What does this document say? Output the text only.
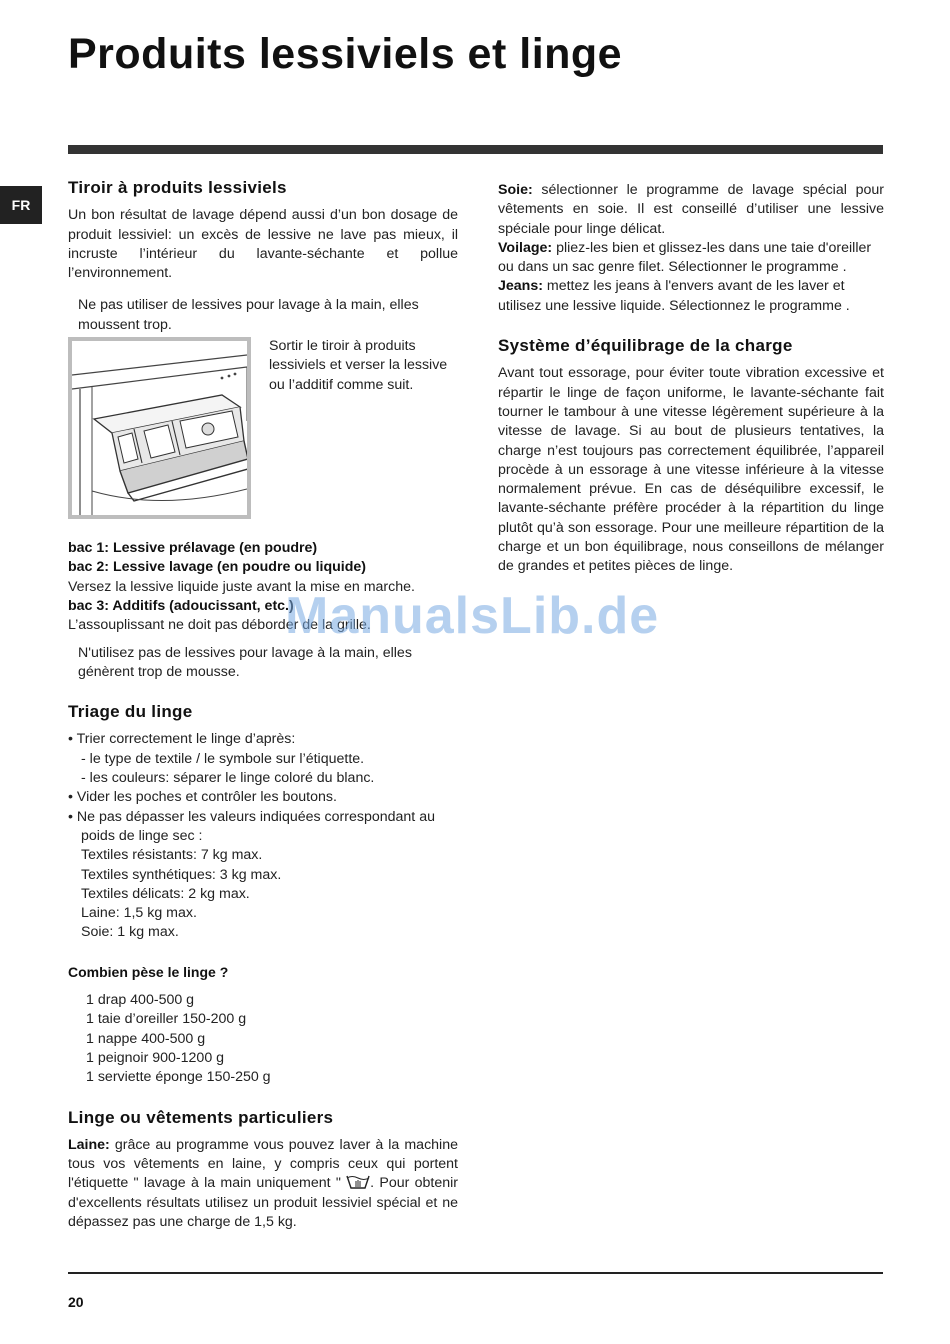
Produits lessiviels et linge
FR
Tiroir à produits lessiviels

Un bon résultat de lavage dépend aussi d’un bon dosage de produit lessiviel: un excès de lessive ne lave pas mieux, il incruste l’intérieur du lavante-séchante et pollue l’environnement.

Ne pas utiliser de lessives pour lavage à la main, elles moussent trop.

Sortir le tiroir à produits lessiviels et verser la lessive ou l’additif comme suit.

bac 1: Lessive prélavage (en poudre)

bac 2: Lessive lavage (en poudre ou liquide)

Versez la lessive liquide juste avant la mise en marche.

bac 3: Additifs (adoucissant, etc.)

L’assouplissant ne doit pas déborder de la grille.

N'utilisez pas de lessives pour lavage à la main, elles génèrent trop de mousse.

Triage du linge

• Trier correctement le linge d’après:

- le type de textile / le symbole sur l’étiquette.

- les couleurs: séparer le linge coloré du blanc.

• Vider les poches et contrôler les boutons.

• Ne pas dépasser les valeurs indiquées correspondant au poids de linge sec :

Textiles résistants: 7 kg max.

Textiles synthétiques: 3 kg max.

Textiles délicats: 2 kg max.

Laine: 1,5 kg max.

Soie: 1 kg max.

Combien pèse le linge ?

1 drap 400-500 g

1 taie d’oreiller 150-200 g

1 nappe 400-500 g

1 peignoir 900-1200 g

1 serviette éponge 150-250 g

Linge ou vêtements particuliers

Laine: grâce au programme vous pouvez laver à la machine tous vos vêtements en laine, y compris ceux qui portent l'étiquette " lavage à la main uniquement " . Pour obtenir d'excellents résultats utilisez un produit lessiviel spécial et ne dépassez pas une charge de 1,5 kg.

Soie: sélectionner le programme de lavage spécial pour vêtements en soie. Il est conseillé d’utiliser une lessive spéciale pour linge délicat.

Voilage: pliez-les bien et glissez-les dans une taie d'oreiller ou dans un sac genre filet. Sélectionner le programme .

Jeans: mettez les jeans à l'envers avant de les laver et utilisez une lessive liquide. Sélectionnez le programme .

Système d’équilibrage de la charge

Avant tout essorage, pour éviter toute vibration excessive et répartir le linge de façon uniforme, le lavante-séchante fait tourner le tambour à une vitesse légèrement supérieure à la vitesse de lavage. Si au bout de plusieurs tentatives, la charge n’est toujours pas correctement équilibrée, l’appareil procède à un essorage à une vitesse inférieure à la vitesse normalement prévue. En cas de déséquilibre excessif, le lavante-séchante préfère procéder à la répartition du linge plutôt qu’à son essorage. Pour une meilleure répartition de la charge et un bon équilibrage, nous conseillons de mélanger de grandes et petites pièces de linge.

ManualsLib.de
20
